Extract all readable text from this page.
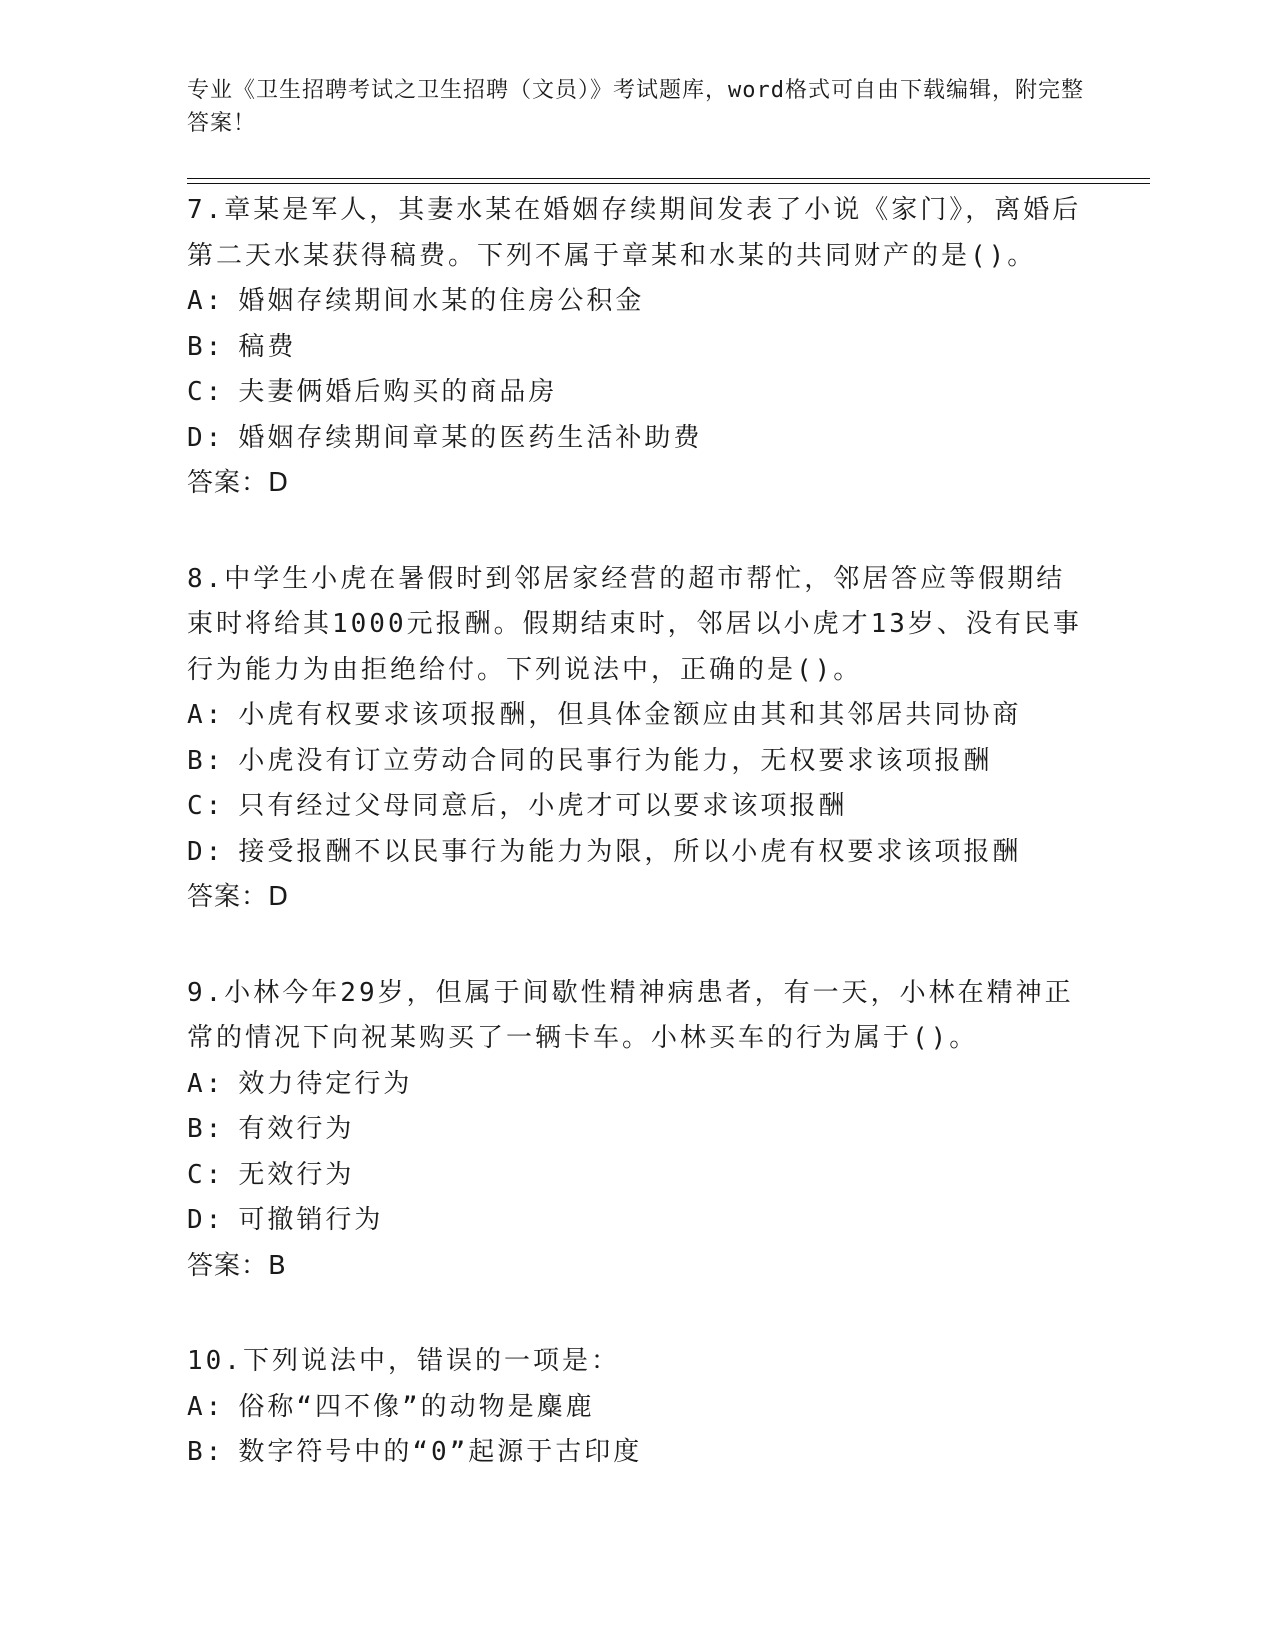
专业《卫生招聘考试之卫生招聘（文员）》考试题库，word格式可自由下载编辑，附完整答案！

7.章某是军人，其妻水某在婚姻存续期间发表了小说《家门》，离婚后第二天水某获得稿费。下列不属于章某和水某的共同财产的是()。

A: 婚姻存续期间水某的住房公积金

B: 稿费

C: 夫妻俩婚后购买的商品房

D: 婚姻存续期间章某的医药生活补助费

答案：D

8.中学生小虎在暑假时到邻居家经营的超市帮忙，邻居答应等假期结束时将给其1000元报酬。假期结束时，邻居以小虎才13岁、没有民事行为能力为由拒绝给付。下列说法中，正确的是()。

A: 小虎有权要求该项报酬，但具体金额应由其和其邻居共同协商

B: 小虎没有订立劳动合同的民事行为能力，无权要求该项报酬

C: 只有经过父母同意后，小虎才可以要求该项报酬

D: 接受报酬不以民事行为能力为限，所以小虎有权要求该项报酬

答案：D

9.小林今年29岁，但属于间歇性精神病患者，有一天，小林在精神正常的情况下向祝某购买了一辆卡车。小林买车的行为属于()。

A: 效力待定行为

B: 有效行为

C: 无效行为

D: 可撤销行为

答案：B

10.下列说法中，错误的一项是：

A: 俗称“四不像”的动物是麋鹿

B: 数字符号中的“0”起源于古印度
